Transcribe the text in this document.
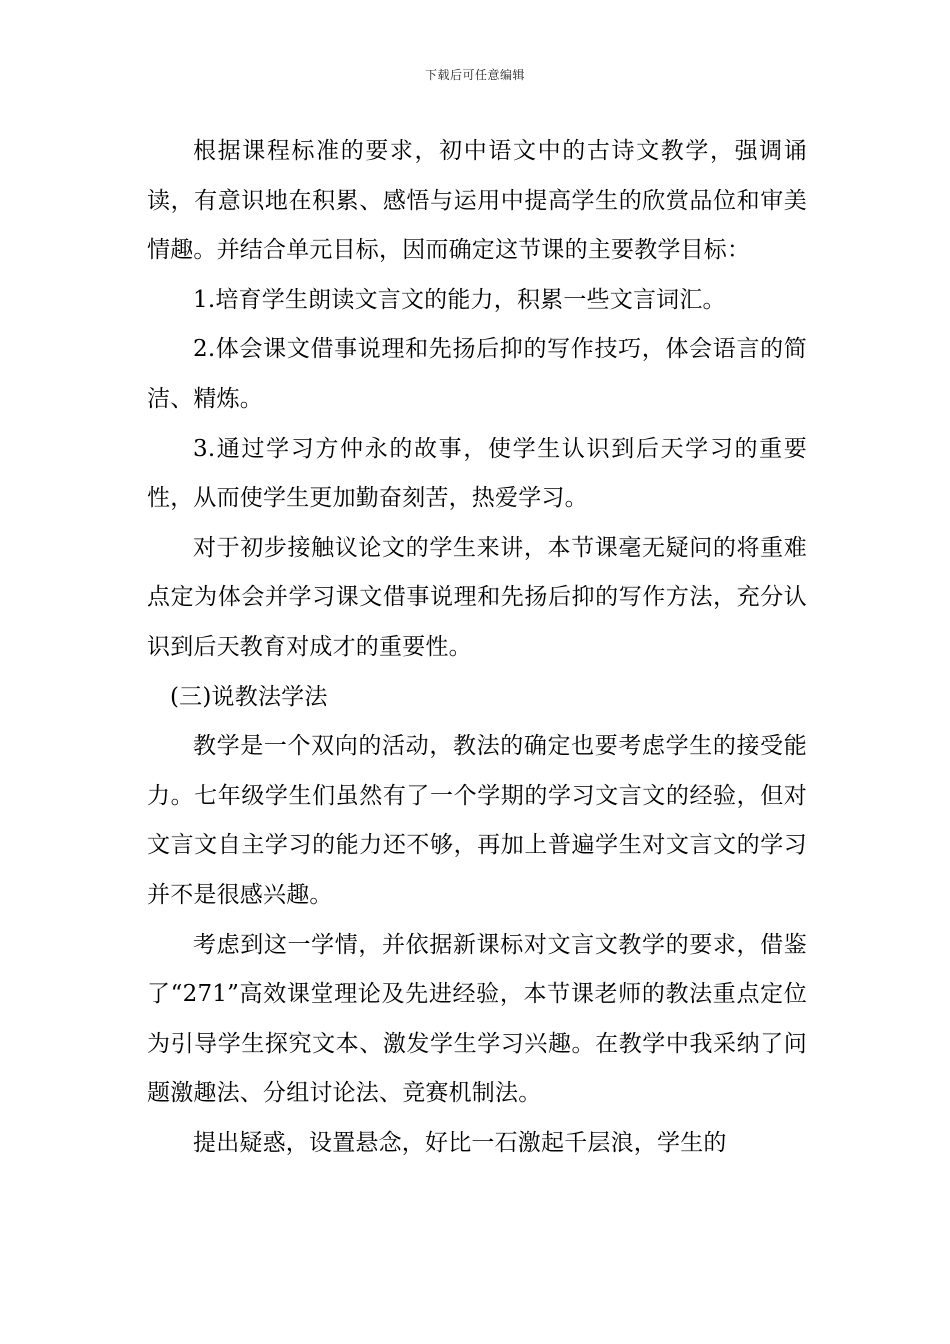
下载后可任意编辑

根据课程标准的要求，初中语文中的古诗文教学，强调诵读，有意识地在积累、感悟与运用中提高学生的欣赏品位和审美情趣。并结合单元目标，因而确定这节课的主要教学目标：

1.培育学生朗读文言文的能力，积累一些文言词汇。

2.体会课文借事说理和先扬后抑的写作技巧，体会语言的简洁、精炼。

3.通过学习方仲永的故事，使学生认识到后天学习的重要性，从而使学生更加勤奋刻苦，热爱学习。

对于初步接触议论文的学生来讲，本节课毫无疑问的将重难点定为体会并学习课文借事说理和先扬后抑的写作方法，充分认识到后天教育对成才的重要性。

(三)说教法学法

教学是一个双向的活动，教法的确定也要考虑学生的接受能力。七年级学生们虽然有了一个学期的学习文言文的经验，但对文言文自主学习的能力还不够，再加上普遍学生对文言文的学习并不是很感兴趣。

考虑到这一学情，并依据新课标对文言文教学的要求，借鉴了“271”高效课堂理论及先进经验，本节课老师的教法重点定位为引导学生探究文本、激发学生学习兴趣。在教学中我采纳了问题激趣法、分组讨论法、竞赛机制法。

提出疑惑，设置悬念，好比一石激起千层浪，学生的
